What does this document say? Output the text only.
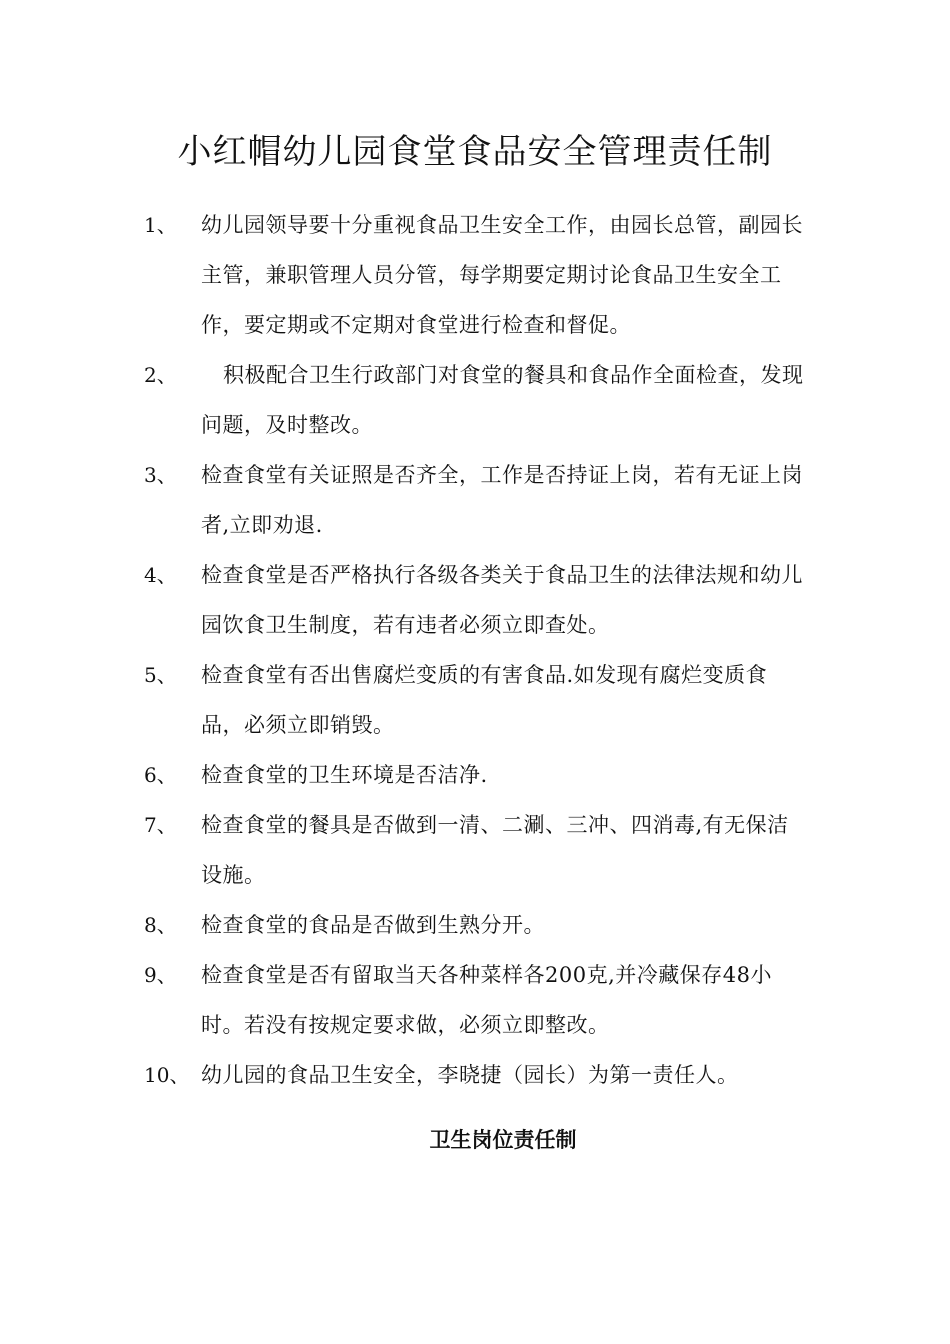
小红帽幼儿园食堂食品安全管理责任制
1、 幼儿园领导要十分重视食品卫生安全工作，由园长总管，副园长主管，兼职管理人员分管，每学期要定期讨论食品卫生安全工作，要定期或不定期对食堂进行检查和督促。
2、	积极配合卫生行政部门对食堂的餐具和食品作全面检查，发现问题，及时整改。
3、 检查食堂有关证照是否齐全，工作是否持证上岗，若有无证上岗者,立即劝退.
4、 检查食堂是否严格执行各级各类关于食品卫生的法律法规和幼儿园饮食卫生制度，若有违者必须立即查处。
5、 检查食堂有否出售腐烂变质的有害食品.如发现有腐烂变质食品，必须立即销毁。
6、 检查食堂的卫生环境是否洁净.
7、 检查食堂的餐具是否做到一清、二涮、三冲、四消毒,有无保洁设施。
8、 检查食堂的食品是否做到生熟分开。
9、 检查食堂是否有留取当天各种菜样各200克,并冷藏保存48小时。若没有按规定要求做，必须立即整改。
10、 幼儿园的食品卫生安全，李晓捷（园长）为第一责任人。
卫生岗位责任制
